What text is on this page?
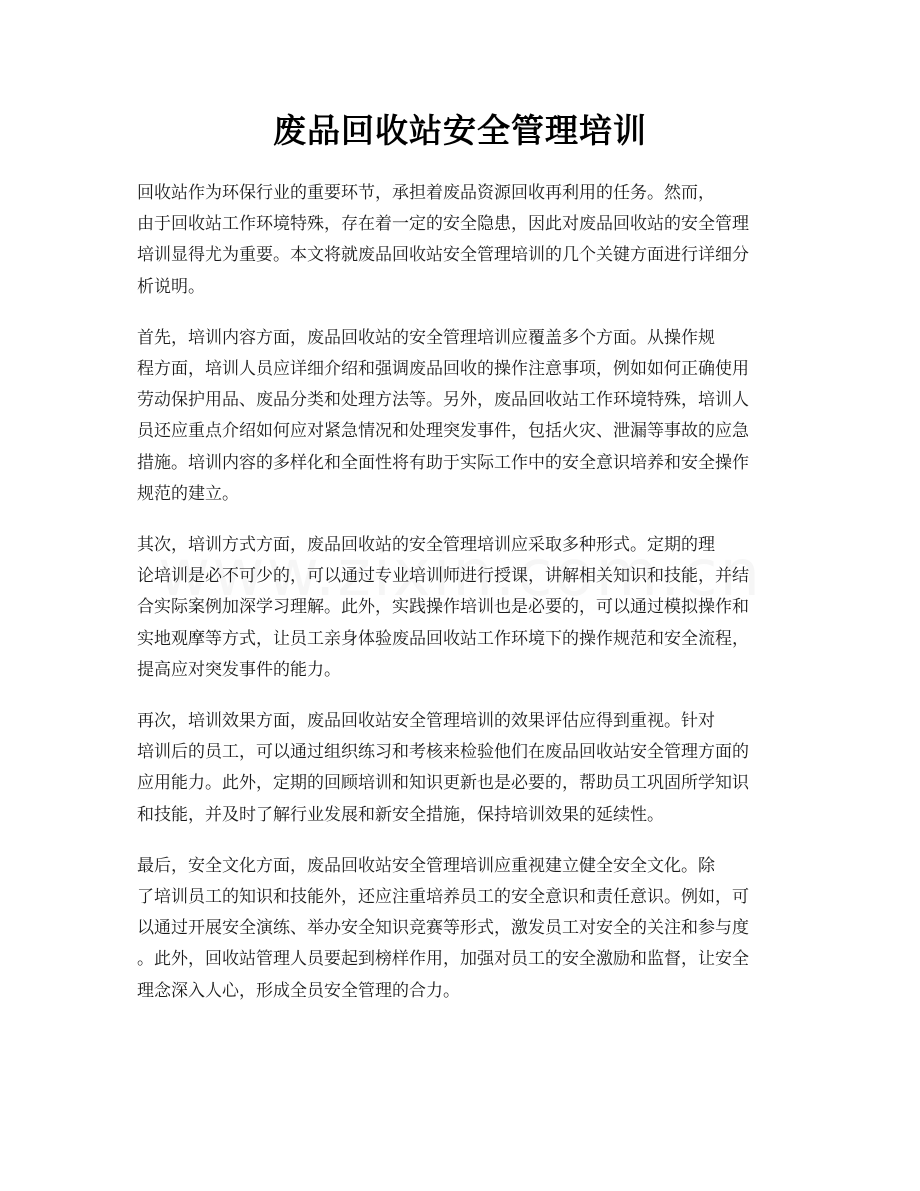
废品回收站安全管理培训

回收站作为环保行业的重要环节，承担着废品资源回收再利用的任务。然而，
由于回收站工作环境特殊，存在着一定的安全隐患，因此对废品回收站的安全管理
培训显得尤为重要。本文将就废品回收站安全管理培训的几个关键方面进行详细分
析说明。

首先，培训内容方面，废品回收站的安全管理培训应覆盖多个方面。从操作规
程方面，培训人员应详细介绍和强调废品回收的操作注意事项，例如如何正确使用
劳动保护用品、废品分类和处理方法等。另外，废品回收站工作环境特殊，培训人
员还应重点介绍如何应对紧急情况和处理突发事件，包括火灾、泄漏等事故的应急
措施。培训内容的多样化和全面性将有助于实际工作中的安全意识培养和安全操作
规范的建立。

其次，培训方式方面，废品回收站的安全管理培训应采取多种形式。定期的理
论培训是必不可少的，可以通过专业培训师进行授课，讲解相关知识和技能，并结
合实际案例加深学习理解。此外，实践操作培训也是必要的，可以通过模拟操作和
实地观摩等方式，让员工亲身体验废品回收站工作环境下的操作规范和安全流程，
提高应对突发事件的能力。

再次，培训效果方面，废品回收站安全管理培训的效果评估应得到重视。针对
培训后的员工，可以通过组织练习和考核来检验他们在废品回收站安全管理方面的
应用能力。此外，定期的回顾培训和知识更新也是必要的，帮助员工巩固所学知识
和技能，并及时了解行业发展和新安全措施，保持培训效果的延续性。

最后，安全文化方面，废品回收站安全管理培训应重视建立健全安全文化。除
了培训员工的知识和技能外，还应注重培养员工的安全意识和责任意识。例如，可
以通过开展安全演练、举办安全知识竞赛等形式，激发员工对安全的关注和参与度
。此外，回收站管理人员要起到榜样作用，加强对员工的安全激励和监督，让安全
理念深入人心，形成全员安全管理的合力。
